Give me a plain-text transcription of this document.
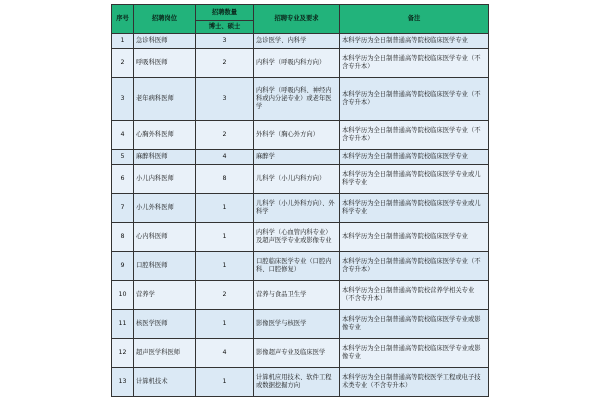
序号	招聘岗位	招聘数量	招聘专业及要求	备注
		博士、硕士		
1	急诊科医师	3	急诊医学、内科学	本科学历为全日制普通高等院校临床医学专业
2	呼吸科医师	2	内科学（呼吸内科方向）	本科学历为全日制普通高等院校临床医学专业（不含专升本）
3	老年病科医师	3	内科学（呼吸内科、神经内科或内分泌专业）或老年医学	本科学历为全日制普通高等院校临床医学专业（不含专升本）
4	心胸外科医师	2	外科学（胸心外方向）	本科学历为全日制普通高等院校临床医学专业（不含专升本）
5	麻醉科医师	4	麻醉学	本科学历为全日制普通高等院校临床医学专业
6	小儿内科医师	8	儿科学（小儿内科方向）	本科学历为全日制普通高等院校临床医学专业或儿科学专业
7	小儿外科医师	1	儿科学（小儿外科方向）、外科学	本科学历为全日制普通高等院校临床医学专业或儿科学专业
8	心内科医师	1	内科学（心血管内科专业）及超声医学专业或影像专业	本科学历为全日制普通高等院校临床医学专业
9	口腔科医师	1	口腔临床医学专业（口腔内科、口腔修复）	本科学历为全日制普通高等院校临床医学专业（不含专升本）
10	营养学	2	营养与食品卫生学	本科学历为全日制普通高等院校营养学相关专业（不含专升本）
11	核医学医师	1	影像医学与核医学	本科学历为全日制普通高等院校临床医学专业或影像专业
12	超声医学科医师	4	影像超声专业及临床医学	本科学历为全日制普通高等院校临床医学专业或影像专业
13	计算机技术	1	计算机应用技术、软件工程或数据挖掘方向	本科学历为全日制普通高等院校医学工程或电子技术类专业（不含专升本）
